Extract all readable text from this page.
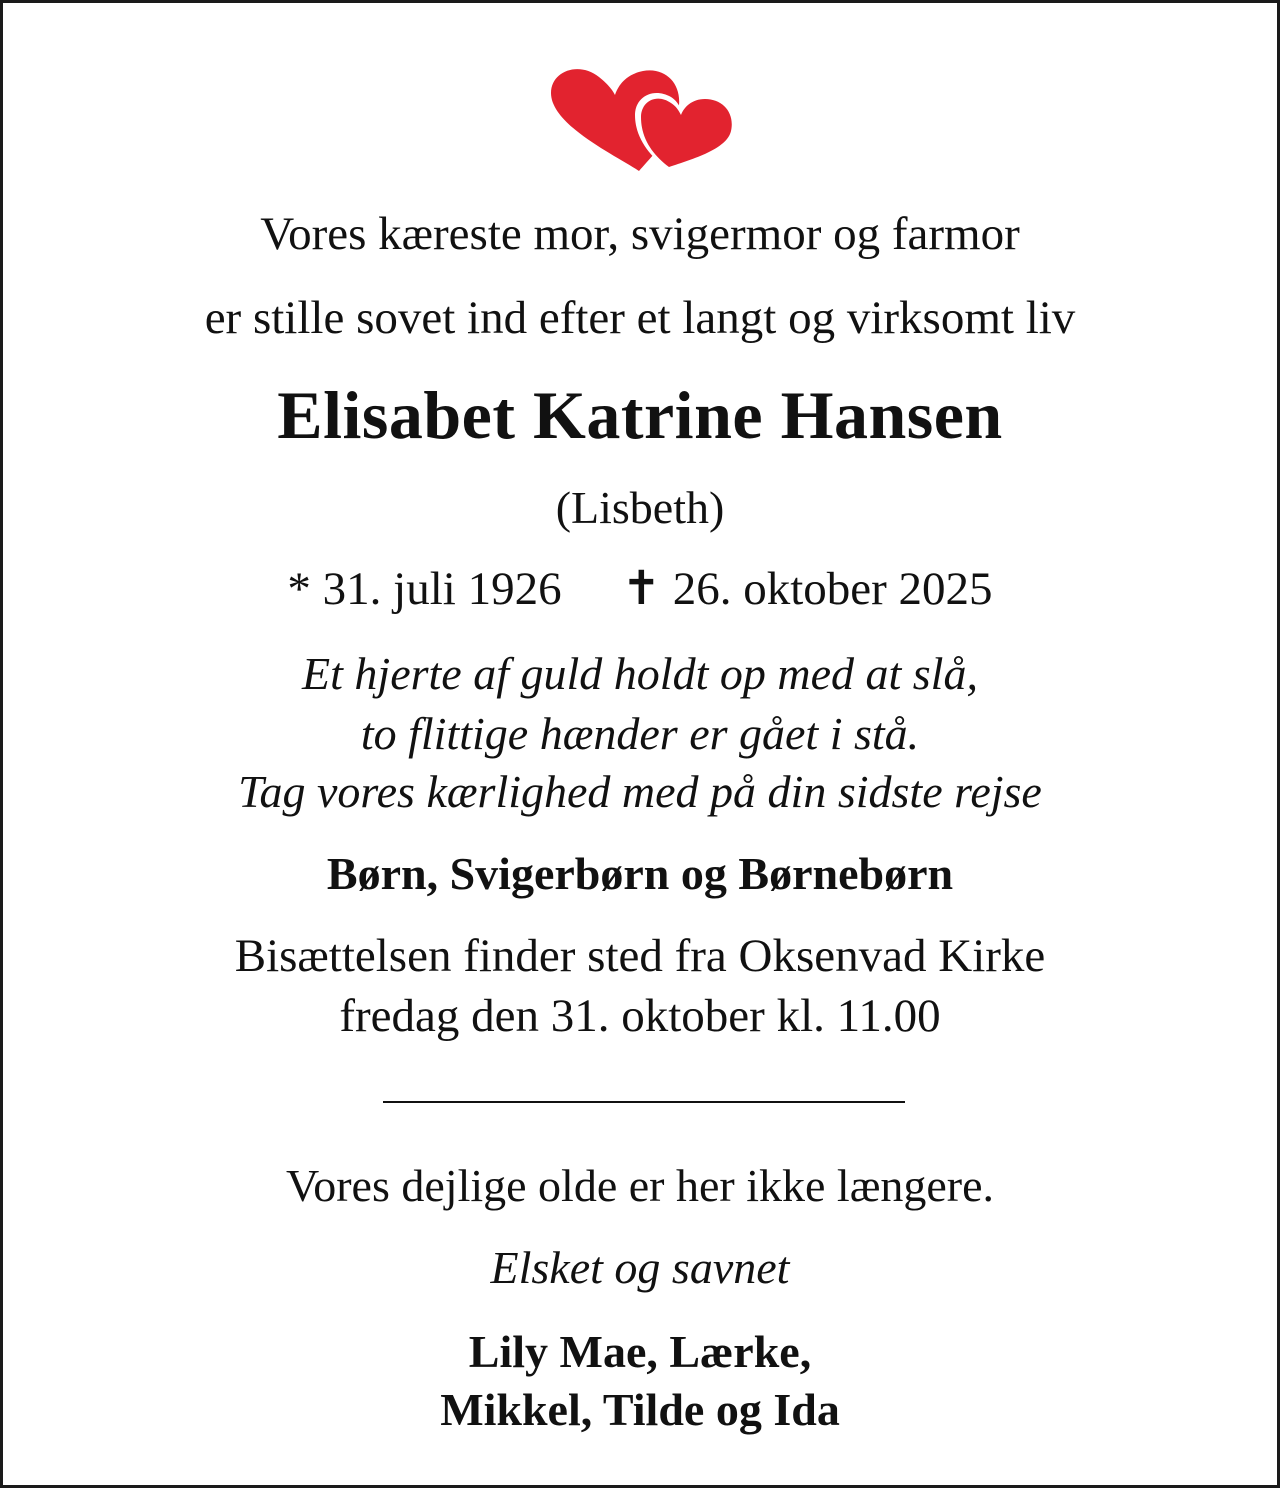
Vores kæreste mor, svigermor og farmor
er stille sovet ind efter et langt og virksomt liv
Elisabet Katrine Hansen
(Lisbeth)
* 31. juli 1926 ✝ 26. oktober 2025
Et hjerte af guld holdt op med at slå,
to flittige hænder er gået i stå.
Tag vores kærlighed med på din sidste rejse
Børn, Svigerbørn og Børnebørn
Bisættelsen finder sted fra Oksenvad Kirke
fredag den 31. oktober kl. 11.00
Vores dejlige olde er her ikke længere.
Elsket og savnet
Lily Mae, Lærke,
Mikkel, Tilde og Ida
